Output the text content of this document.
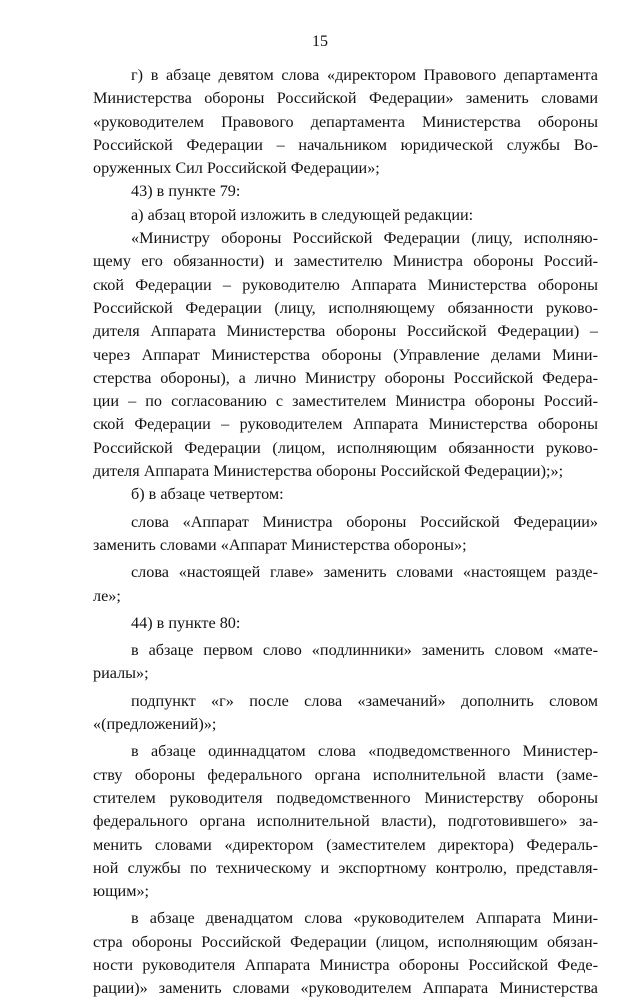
15

г) в абзаце девятом слова «директором Правового департамента
Министерства обороны Российской Федерации» заменить словами
«руководителем Правового департамента Министерства обороны
Российской Федерации – начальником юридической службы Во-
оруженных Сил Российской Федерации»;

43) в пункте 79:

а) абзац второй изложить в следующей редакции:

«Министру обороны Российской Федерации (лицу, исполняю-
щему его обязанности) и заместителю Министра обороны Россий-
ской Федерации – руководителю Аппарата Министерства обороны
Российской Федерации (лицу, исполняющему обязанности руково-
дителя Аппарата Министерства обороны Российской Федерации) –
через Аппарат Министерства обороны (Управление делами Мини-
стерства обороны), а лично Министру обороны Российской Федера-
ции – по согласованию с заместителем Министра обороны Россий-
ской Федерации – руководителем Аппарата Министерства обороны
Российской Федерации (лицом, исполняющим обязанности руково-
дителя Аппарата Министерства обороны Российской Федерации);»;

б) в абзаце четвертом:

слова «Аппарат Министра обороны Российской Федерации»
заменить словами «Аппарат Министерства обороны»;

слова «настоящей главе» заменить словами «настоящем разде-
ле»;

44) в пункте 80:

в абзаце первом слово «подлинники» заменить словом «мате-
риалы»;

подпункт «г» после слова «замечаний» дополнить словом
«(предложений)»;

в абзаце одиннадцатом слова «подведомственного Министер-
ству обороны федерального органа исполнительной власти (заме-
стителем руководителя подведомственного Министерству обороны
федерального органа исполнительной власти), подготовившего» за-
менить словами «директором (заместителем директора) Федераль-
ной службы по техническому и экспортному контролю, представля-
ющим»;

в абзаце двенадцатом слова «руководителем Аппарата Мини-
стра обороны Российской Федерации (лицом, исполняющим обязан-
ности руководителя Аппарата Министра обороны Российской Феде-
рации)» заменить словами «руководителем Аппарата Министерства
